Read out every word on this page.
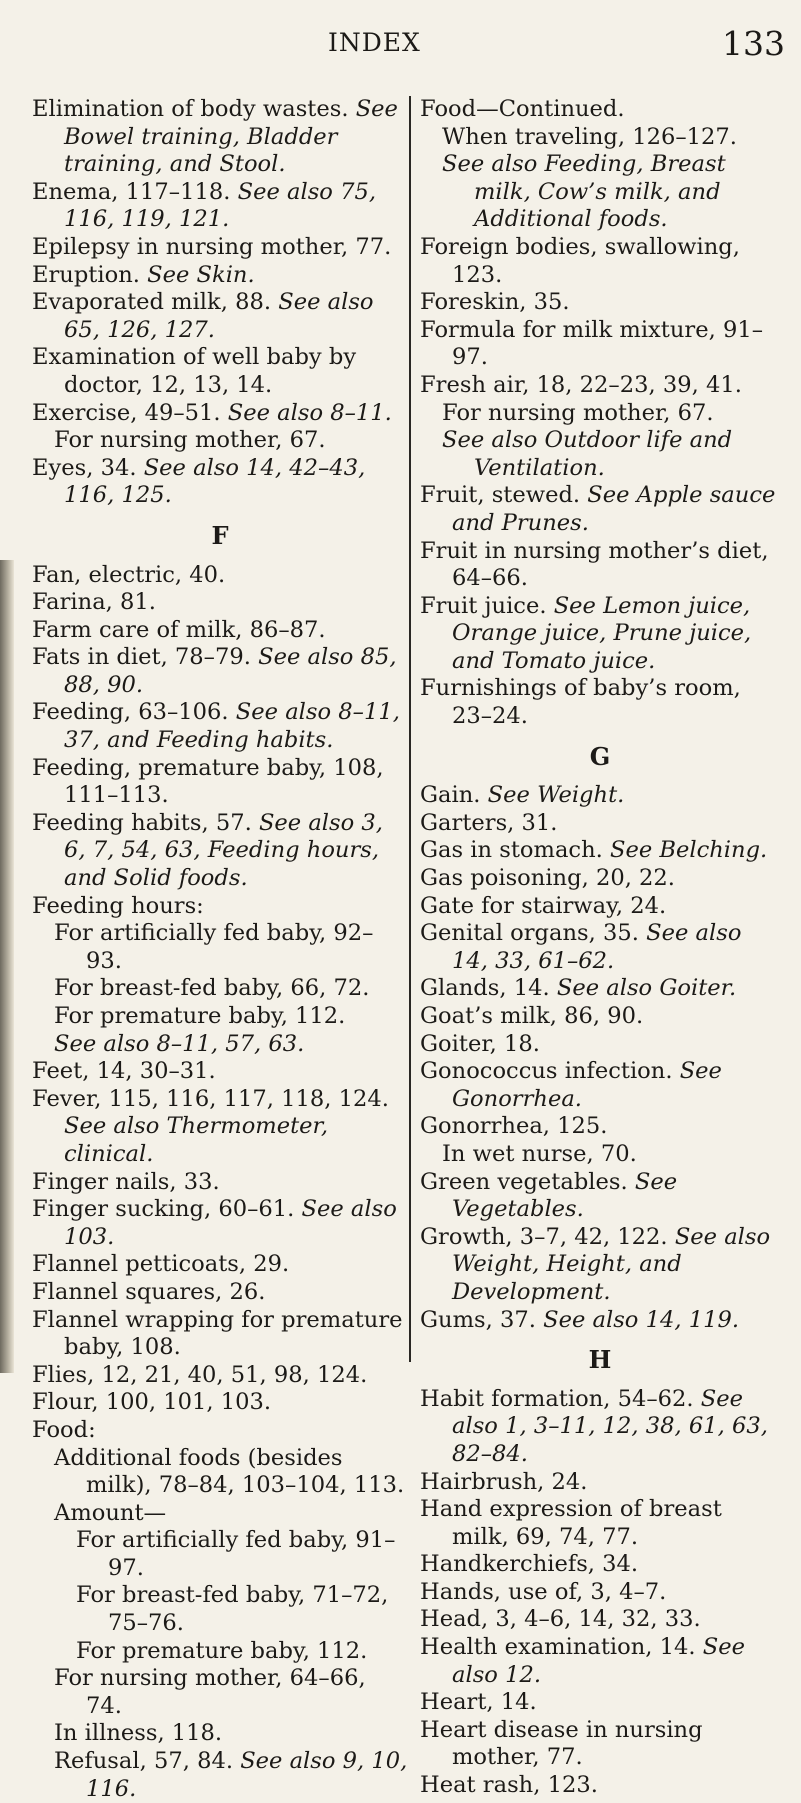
INDEX	133
Elimination of body wastes. See Bowel training, Bladder training, and Stool.
Enema, 117–118. See also 75, 116, 119, 121.
Epilepsy in nursing mother, 77.
Eruption. See Skin.
Evaporated milk, 88. See also 65, 126, 127.
Examination of well baby by doctor, 12, 13, 14.
Exercise, 49–51. See also 8–11.
For nursing mother, 67.
Eyes, 34. See also 14, 42–43, 116, 125.
F
Fan, electric, 40.
Farina, 81.
Farm care of milk, 86–87.
Fats in diet, 78–79. See also 85, 88, 90.
Feeding, 63–106. See also 8–11, 37, and Feeding habits.
Feeding, premature baby, 108, 111–113.
Feeding habits, 57. See also 3, 6, 7, 54, 63, Feeding hours, and Solid foods.
Feeding hours:
For artificially fed baby, 92–93.
For breast-fed baby, 66, 72.
For premature baby, 112.
See also 8–11, 57, 63.
Feet, 14, 30–31.
Fever, 115, 116, 117, 118, 124. See also Thermometer, clinical.
Finger nails, 33.
Finger sucking, 60–61. See also 103.
Flannel petticoats, 29.
Flannel squares, 26.
Flannel wrapping for premature baby, 108.
Flies, 12, 21, 40, 51, 98, 124.
Flour, 100, 101, 103.
Food:
Additional foods (besides milk), 78–84, 103–104, 113.
Amount—
For artificially fed baby, 91–97.
For breast-fed baby, 71–72, 75–76.
For premature baby, 112.
For nursing mother, 64–66, 74.
In illness, 118.
Refusal, 57, 84. See also 9, 10, 116.
Food—Continued.
When traveling, 126–127.
See also Feeding, Breast milk, Cow’s milk, and Additional foods.
Foreign bodies, swallowing, 123.
Foreskin, 35.
Formula for milk mixture, 91–97.
Fresh air, 18, 22–23, 39, 41.
For nursing mother, 67.
See also Outdoor life and Ventilation.
Fruit, stewed. See Apple sauce and Prunes.
Fruit in nursing mother’s diet, 64–66.
Fruit juice. See Lemon juice, Orange juice, Prune juice, and Tomato juice.
Furnishings of baby’s room, 23–24.
G
Gain. See Weight.
Garters, 31.
Gas in stomach. See Belching.
Gas poisoning, 20, 22.
Gate for stairway, 24.
Genital organs, 35. See also 14, 33, 61–62.
Glands, 14. See also Goiter.
Goat’s milk, 86, 90.
Goiter, 18.
Gonococcus infection. See Gonorrhea.
Gonorrhea, 125.
In wet nurse, 70.
Green vegetables. See Vegetables.
Growth, 3–7, 42, 122. See also Weight, Height, and Development.
Gums, 37. See also 14, 119.
H
Habit formation, 54–62. See also 1, 3–11, 12, 38, 61, 63, 82–84.
Hairbrush, 24.
Hand expression of breast milk, 69, 74, 77.
Handkerchiefs, 34.
Hands, use of, 3, 4–7.
Head, 3, 4–6, 14, 32, 33.
Health examination, 14. See also 12.
Heart, 14.
Heart disease in nursing mother, 77.
Heat rash, 123.
